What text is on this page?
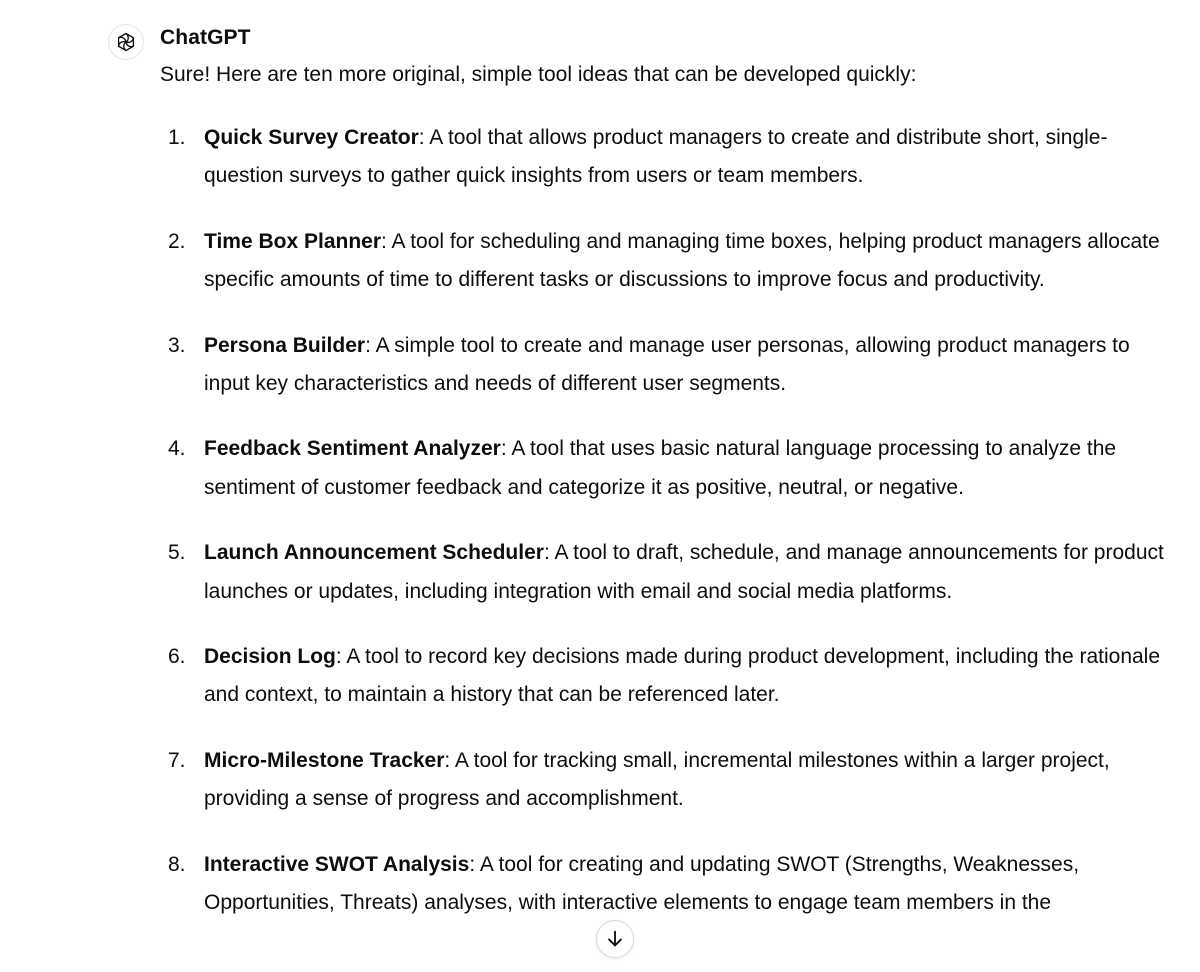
ChatGPT
Sure! Here are ten more original, simple tool ideas that can be developed quickly:
1. Quick Survey Creator: A tool that allows product managers to create and distribute short, single-question surveys to gather quick insights from users or team members.
2. Time Box Planner: A tool for scheduling and managing time boxes, helping product managers allocate specific amounts of time to different tasks or discussions to improve focus and productivity.
3. Persona Builder: A simple tool to create and manage user personas, allowing product managers to input key characteristics and needs of different user segments.
4. Feedback Sentiment Analyzer: A tool that uses basic natural language processing to analyze the sentiment of customer feedback and categorize it as positive, neutral, or negative.
5. Launch Announcement Scheduler: A tool to draft, schedule, and manage announcements for product launches or updates, including integration with email and social media platforms.
6. Decision Log: A tool to record key decisions made during product development, including the rationale and context, to maintain a history that can be referenced later.
7. Micro-Milestone Tracker: A tool for tracking small, incremental milestones within a larger project, providing a sense of progress and accomplishment.
8. Interactive SWOT Analysis: A tool for creating and updating SWOT (Strengths, Weaknesses, Opportunities, Threats) analyses, with interactive elements to engage team members in the
